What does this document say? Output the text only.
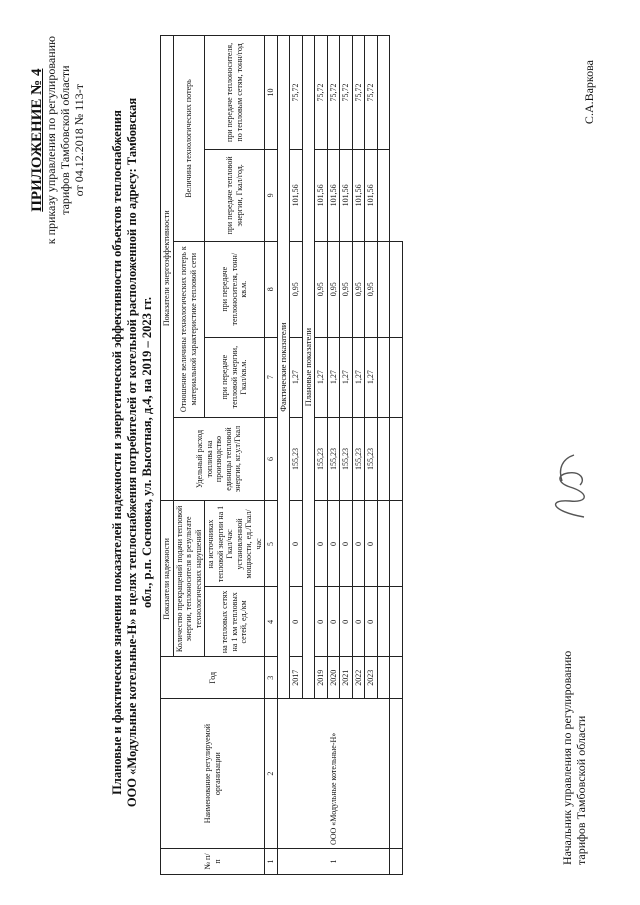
ПРИЛОЖЕНИЕ № 4 к приказу управления по регулированию тарифов Тамбовской области от 04.12.2018 № 113-т Плановые и фактические значения показателей надежности и энергетической эффективности объектов теплоснабжения ООО «Модульные котельные-Н» в целях теплоснабжения потребителей от котельной расположенной по адресу: Тамбовская обл., р.п. Сосновка, ул. Высотная, д.4, на 2019 – 2023 гг.
№ п/п	Наименование регулируемой организации	Год	Показатели надежности		Показатели энергоэффективности				
			Количество прекращений подачи тепловой энергии, теплоносителя в результате технологических нарушений		Удельный расход топлива на производство единицы тепловой энергии, кг.у.т/Гкал	Отношение величины технологических потерь к материальной характеристике тепловой сети		Величина технологических потерь	
			на тепловых сетях на 1 км тепловых сетей, ед./км	на источниках тепловой энергии на 1 Гкал/час установленной мощности, ед./Гкал/час		при передаче тепловой энергии, Гкал/кв.м.	при передаче теплоносителя, тонн/кв.м.	при передаче тепловой энергии, Гкал/год.	при передаче теплоносителя, по тепловым сетям, тонн/год
1	2	3	4	5	6	7	8	9	10
1	ООО «Модульные котельные-Н»	Фактические показатели							
		2017	0	0	155,23	1,27	0,95	101,56	75,72
		Плановые показатели							
		2019	0	0	155,23	1,27	0,95	101,56	75,72
		2020	0	0	155,23	1,27	0,95	101,56	75,72
		2021	0	0	155,23	1,27	0,95	101,56	75,72
		2022	0	0	155,23	1,27	0,95	101,56	75,72
		2023	0	0	155,23	1,27	0,95	101,56	75,72

Начальник управления по регулированию тарифов Тамбовской области
С.А.Варкова
